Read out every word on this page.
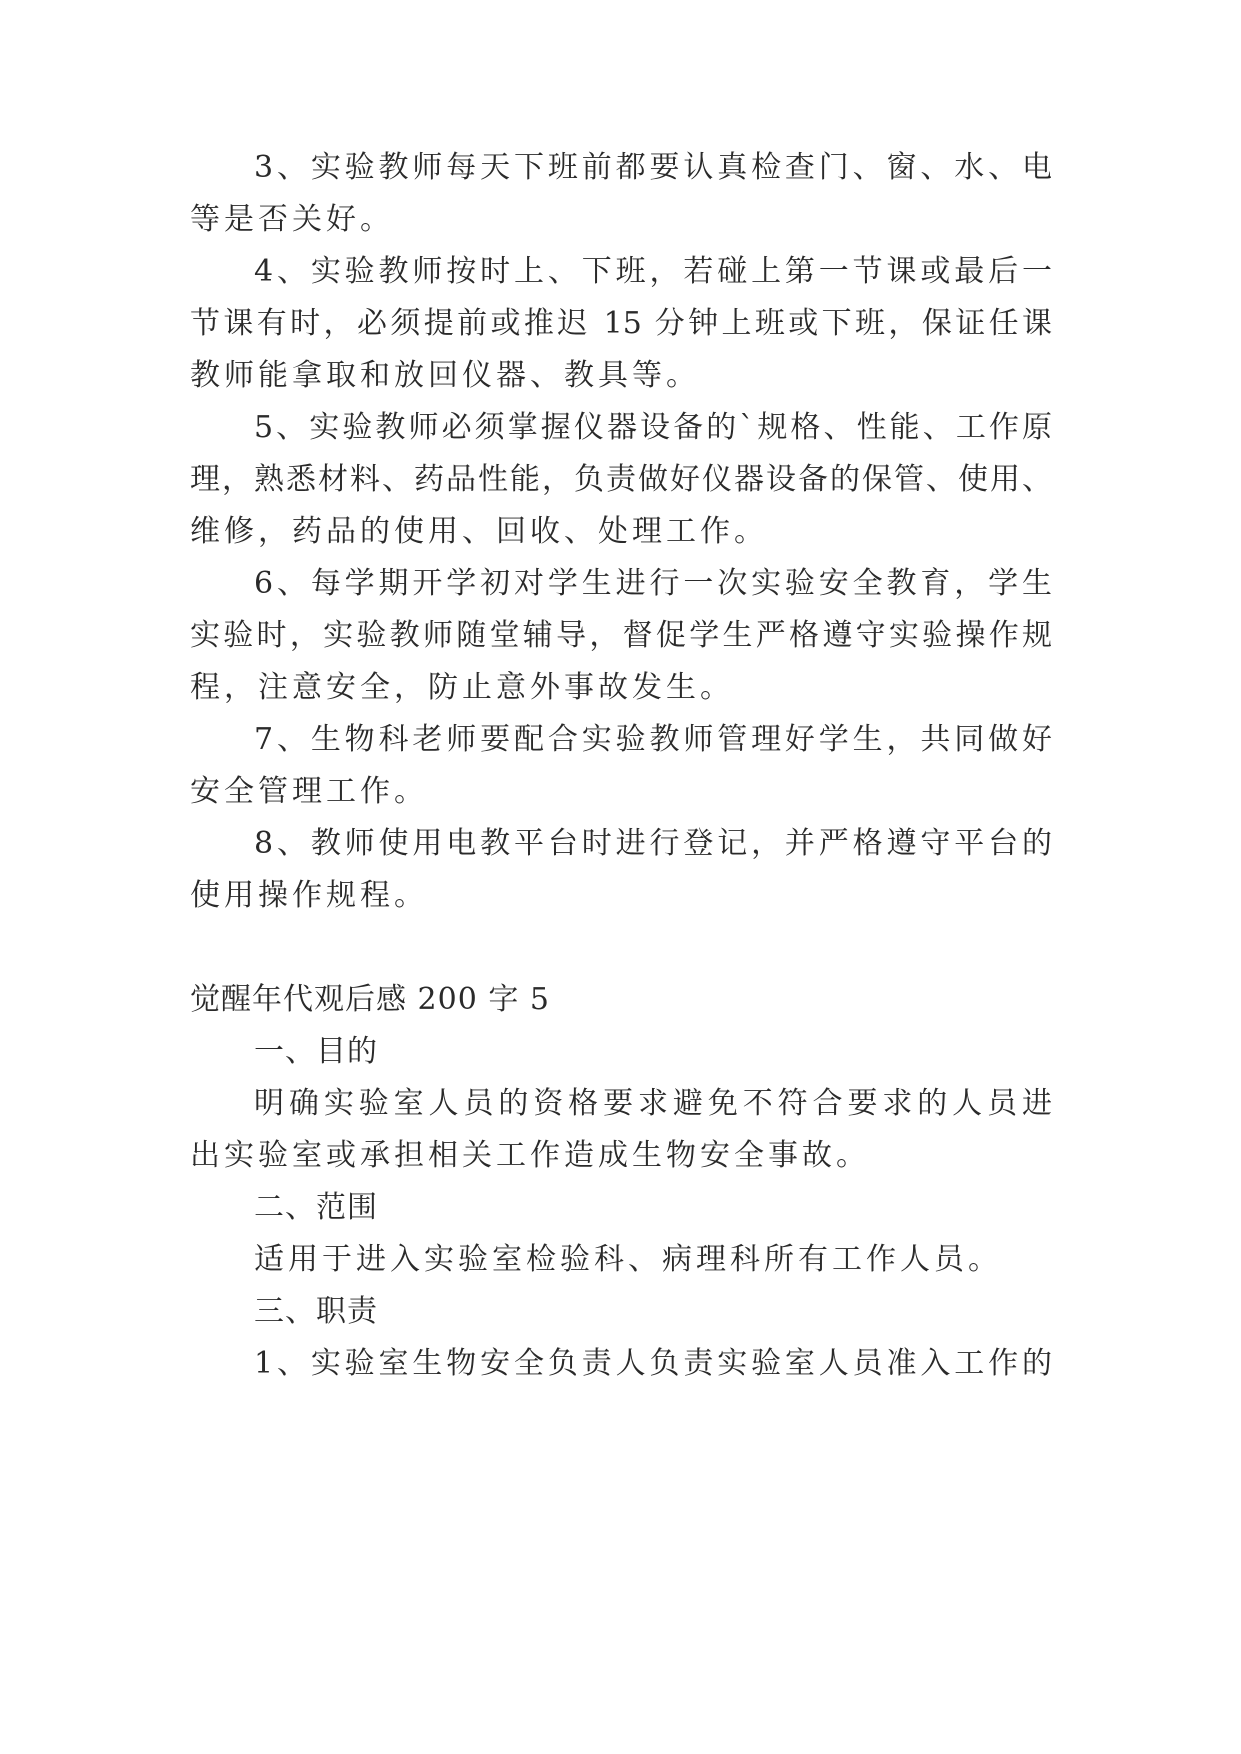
3、实验教师每天下班前都要认真检查门、窗、水、电

等是否关好。

4、实验教师按时上、下班，若碰上第一节课或最后一

节课有时，必须提前或推迟 15 分钟上班或下班，保证任课

教师能拿取和放回仪器、教具等。

5、实验教师必须掌握仪器设备的`规格、性能、工作原

理，熟悉材料、药品性能，负责做好仪器设备的保管、使用、

维修，药品的使用、回收、处理工作。

6、每学期开学初对学生进行一次实验安全教育，学生

实验时，实验教师随堂辅导，督促学生严格遵守实验操作规

程，注意安全，防止意外事故发生。

7、生物科老师要配合实验教师管理好学生，共同做好

安全管理工作。

8、教师使用电教平台时进行登记，并严格遵守平台的

使用操作规程。

觉醒年代观后感 200 字 5

一、目的

明确实验室人员的资格要求避免不符合要求的人员进

出实验室或承担相关工作造成生物安全事故。

二、范围

适用于进入实验室检验科、病理科所有工作人员。

三、职责

1、实验室生物安全负责人负责实验室人员准入工作的
